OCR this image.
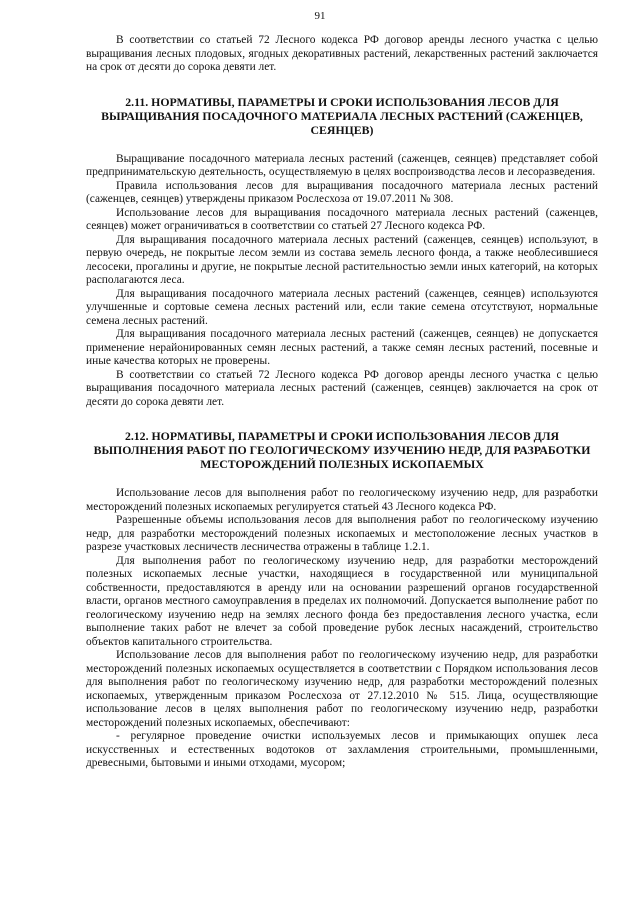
91

В соответствии со статьей 72 Лесного кодекса РФ договор аренды лесного участка с целью выращивания лесных плодовых, ягодных декоративных растений, лекарственных растений заключается на срок от десяти до сорока девяти лет.

2.11. НОРМАТИВЫ, ПАРАМЕТРЫ И СРОКИ ИСПОЛЬЗОВАНИЯ ЛЕСОВ ДЛЯ ВЫРАЩИВАНИЯ ПОСАДОЧНОГО МАТЕРИАЛА ЛЕСНЫХ РАСТЕНИЙ (САЖЕНЦЕВ, СЕЯНЦЕВ)

Выращивание посадочного материала лесных растений (саженцев, сеянцев) представляет собой предпринимательскую деятельность, осуществляемую в целях воспроизводства лесов и лесоразведения.

Правила использования лесов для выращивания посадочного материала лесных растений (саженцев, сеянцев) утверждены приказом Рослесхоза от 19.07.2011 № 308.

Использование лесов для выращивания посадочного материала лесных растений (саженцев, сеянцев) может ограничиваться в соответствии со статьей 27 Лесного кодекса РФ.

Для выращивания посадочного материала лесных растений (саженцев, сеянцев) используют, в первую очередь, не покрытые лесом земли из состава земель лесного фонда, а также необлесившиеся лесосеки, прогалины и другие, не покрытые лесной растительностью земли иных категорий, на которых располагаются леса.

Для выращивания посадочного материала лесных растений (саженцев, сеянцев) используются улучшенные и сортовые семена лесных растений или, если такие семена отсутствуют, нормальные семена лесных растений.

Для выращивания посадочного материала лесных растений (саженцев, сеянцев) не допускается применение нерайонированных семян лесных растений, а также семян лесных растений, посевные и иные качества которых не проверены.

В соответствии со статьей 72 Лесного кодекса РФ договор аренды лесного участка с целью выращивания посадочного материала лесных растений (саженцев, сеянцев) заключается на срок от десяти до сорока девяти лет.

2.12. НОРМАТИВЫ, ПАРАМЕТРЫ И СРОКИ ИСПОЛЬЗОВАНИЯ ЛЕСОВ ДЛЯ ВЫПОЛНЕНИЯ РАБОТ ПО ГЕОЛОГИЧЕСКОМУ ИЗУЧЕНИЮ НЕДР, ДЛЯ РАЗРАБОТКИ МЕСТОРОЖДЕНИЙ ПОЛЕЗНЫХ ИСКОПАЕМЫХ

Использование лесов для выполнения работ по геологическому изучению недр, для разработки месторождений полезных ископаемых регулируется статьей 43 Лесного кодекса РФ.

Разрешенные объемы использования лесов для выполнения работ по геологическому изучению недр, для разработки месторождений полезных ископаемых и местоположение лесных участков в разрезе участковых лесничеств лесничества отражены в таблице 1.2.1.

Для выполнения работ по геологическому изучению недр, для разработки месторождений полезных ископаемых лесные участки, находящиеся в государственной или муниципальной собственности, предоставляются в аренду или на основании разрешений органов государственной власти, органов местного самоуправления в пределах их полномочий. Допускается выполнение работ по геологическому изучению недр на землях лесного фонда без предоставления лесного участка, если выполнение таких работ не влечет за собой проведение рубок лесных насаждений, строительство объектов капитального строительства.

Использование лесов для выполнения работ по геологическому изучению недр, для разработки месторождений полезных ископаемых осуществляется в соответствии с Порядком использования лесов для выполнения работ по геологическому изучению недр, для разработки месторождений полезных ископаемых, утвержденным приказом Рослесхоза от 27.12.2010 № 515. Лица, осуществляющие использование лесов в целях выполнения работ по геологическому изучению недр, разработки месторождений полезных ископаемых, обеспечивают:

- регулярное проведение очистки используемых лесов и примыкающих опушек леса искусственных и естественных водотоков от захламления строительными, промышленными, древесными, бытовыми и иными отходами, мусором;
